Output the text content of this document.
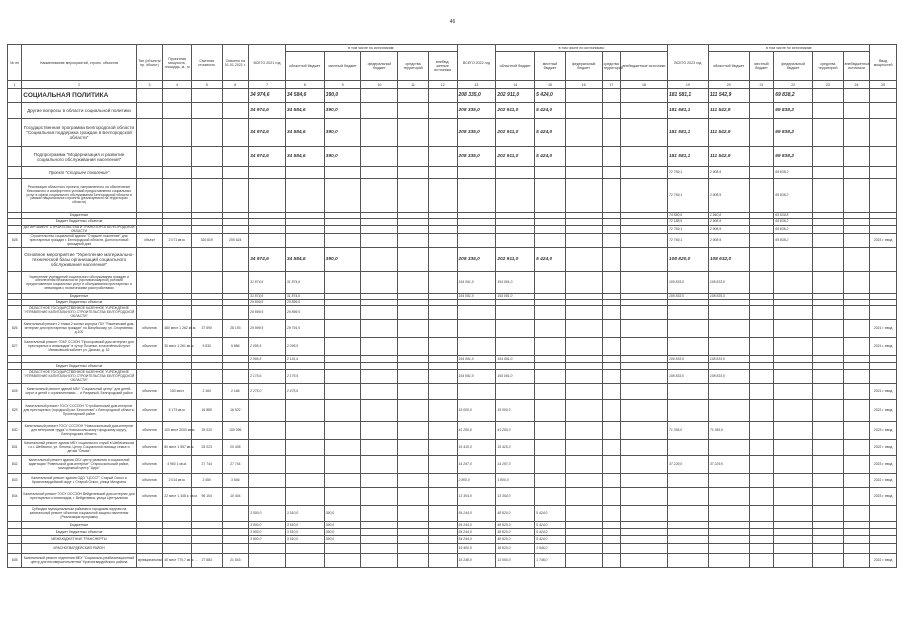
46
№ пп	Наименование мероприятий, строек, объектов	Тип (объекта/пр. объект)	Проектная мощность, площадь, м., м	Сметная стоимость	Освоено на 01.01.2021 г.	ВСЕГО 2021 год	в том числе по источникам:					ВСЕГО 2022 год	в том числе по источникам:					ВСЕГО 2023 год	в том числе по источникам:					Ввод мощностей
							областной бюджет	местный бюджет	федеральный бюджет	средства территорий	внебюд. жетные источники		областной бюджет	местный бюджет	федеральный бюджет	средства территорий	внебюджетные источники		областной бюджет	местный бюджет	федеральный бюджет	средства территорий	внебюджетные источники	
1	2	3	4	5	6	7	8	9	10	11	12	13	14	15	16	17	18	19	20	21	22	23	24	25
	СОЦИАЛЬНАЯ ПОЛИТИКА					34 974,6	34 584,6	390,0				208 335,0	202 911,0	5 424,0				181 581,1	111 542,9		69 838,2			
	Другие вопросы в области социальной политики					34 974,6	34 584,6	390,0				208 335,0	202 911,0	5 424,0				181 581,1	111 542,9		69 838,2			
	Государственная программа Белгородской области "Социальная поддержка граждан в Белгородской области"					34 974,6	34 584,6	390,0				208 335,0	202 911,0	5 424,0				181 581,1	111 542,9		69 838,2			
	Подпрограмма "Модернизация и развитие социального обслуживания населения"					34 974,6	34 584,6	390,0				208 335,0	202 911,0	5 424,0				181 581,1	111 542,9		69 838,2			
	Проект "Старшее поколение"																	72 769,1	2 908,9		69 838,2			
	Реализация областного проекта, направленного на обеспечение безопасного и комфортного условий предоставления социальных услуг в сфере социального обслуживания Белгородской области в рамках национального проекта (реализуемого на территории области)																	72 769,1	2 908,9		69 838,2			
	Бюджетные																	74 580,6	1 940,8		63 639,8			
	Бюджет бюджетных объектов																	72 188,5	2 908,9		69 838,2			
	ДЕПАРТАМЕНТ СТРОИТЕЛЬСТВА И ТРАНСПОРТА БЕЛГОРОДСКОЙ ОБЛАСТИ																	72 769,1	2 908,9		69 838,2			
828	Строительство социальной здания "Старшее поколение" для престарелых граждан г. Белгородской области, Долгогостовый фасадный дом	объект	2 071 кв.м.	320 819	205 624													72 769,1	2 908,9		69 838,2			2023 г. ввод
	Основное мероприятие "Укрепление материально-технической базы организаций социального обслуживания населения"					34 974,6	34 584,6	390,0				208 335,0	202 911,0	5 424,0				108 820,0	108 632,0					
	Укрепление учреждений социального обслуживания граждан и обеспечения безопасности (противопожарной) условий предоставления социальных услуг и обслуживания престарелых и инвалидов с психическими расстройствами					31 874,6	31 874,6					154 091,0	154 091,0					109 833,0	108 833,0					
	Бюджетные					31 874,6	31 874,6					154 091,0	154 091,0					109 833,0	108 835,0					
	Бюджет бюджетных объектов					29 899,5	29 899,5																	
	ОБЛАСТНОЕ ГОСУДАРСТВЕННОЕ КАЗЕННОЕ УЧРЕЖДЕНИЕ "УПРАВЛЕНИЕ КАПИТАЛЬНОГО СТРОИТЕЛЬСТВА БЕЛГОРОДСКОЙ ОБЛАСТИ"					29 899,5	29 899,5																	
826	Капитальный ремонт 2 этажа 2 жилых корпуса ГБУ "Ракитянский дом-интернат для престарелых граждан" по Валуйскому, ул. Спортивная, д.100	объектов	480 мест 1 262 кв.м.	37 590	28 193	29 999,5	29 791,5																	2021 г. ввод
827	Капитальный ремонт ГОКУ ССЗОН "Прохоровский дом-интернат для престарелых и инвалидов" в хутор Почепки, в населённый пункт Ивняковский кабинет ул. Дачная, д. 52	объектов	30 мест 1 261 кв.м.	9 530	5 886	2 095,5	2 095,5																	2021 г. ввод
						2 095,5	2 115,4					154 091,0	154 091,0					109 833,0	108 833,0					
	Бюджет бюджетных объектов																							
	ОБЛАСТНОЕ ГОСУДАРСТВЕННОЕ КАЗЕННОЕ УЧРЕЖДЕНИЕ "УПРАВЛЕНИЕ КАПИТАЛЬНОГО СТРОИТЕЛЬСТВА БЕЛГОРОДСКОЙ ОБЛАСТИ"					2 175,6	2 175,5					154 091,0	154 091,0					108 833,0	108 833,0					
828	Капитальный ремонт зданий МБУ "Социальный центр" для детей-сирот и детей с ограниченными ... и Разумный, Белгородский район	объектов	150 мест	2 160	2 166	2 275,0	2 475,6																	2021 г. ввод
829	Капитальный ремонт ГОСУ СССЗОН "Стройсельский дом-интернат для престарелых (городской) им. Бессонова" с Белгородской области, Пролетарский район	объектов	5 173 кв.м.	16 889	16 922							15 000,0	15 000,0											2022 г. ввод
830	Капитальный ремонт ГОСУ СССЗОН "Новооскольский дом-интернат для ветеранов труда" к Новооскольскому городскому округу, Белгородская область	объектов	100 мест 2000 кв.м.	25 020	100 096							41 250,0	41 250,0					71 356,0	71 356,0					2023 г. ввод
831	Капитальный ремонт здания МБУ социального служб в Шебекинском г.о.г. Шебекино, ул. Ленина, Центр Социальной помощи семье и детям "Семья"	объектов	80 мест 1 557 кв.м.	25 023	20 405							15 415,0	15 415,0											2022 г. ввод
832	Капитальный ремонт здания ОБУ центр развития и социальной адаптации "Ровеньской дом-интернат" Старооскольский район, молодёжный центр "Цирк"	объектов	4 960 1 кв.м.	27 744	27 744							14 297,0	14 297,0					37 229,0	37 229,0					2023 г. ввод
833	Капитальный ремонт здания ОДО "ЦСССТ" Старый Оскол и Красногвардейский округ г. Старый Оскол, улица Мичурина	объектов	2 014 кв.м.	2 450	3 546							2 800,0	1 800,0											2022 г. ввод
834	Капитальный ремонт ГОСУ ОССЗОН Вейделевский дом-интернат для престарелых и инвалидов, г. Вейделевка, улица Центральная	объектов	22 мест 1 348 к. кв.м.	96 104	10 404							13 304,0	13 304,0											2023 г. ввод
	Субсидии муниципальным районам и городским округам на капитальный ремонт объектов социальной защиты населения (Реализация программ)					3 500,0	3 510,0	390,0				54 244,0	48 820,0	5 424,0										
	Бюджетные					3 500,0	3 510,0	390,0				54 244,0	48 820,0	5 424,0										
	Бюджет бюджетных объектов					3 900,0	3 510,0	390,0				54 244,0	48 820,0	5 424,0										
	МЕЖБЮДЖЕТНЫЕ ТРАНСФЕРТЫ					3 900,0	3 510,0	390,0				54 244,0	48 820,0	5 424,0										
	КРАСНОГВАРДЕЙСКИЙ РАЙОН											19 400,0	18 820,0	1 946,0										
835	Капитальный ремонт отделения МБУ "Социально-реабилитационный центр для несовершеннолетних" Красногвардейского района	муниципальных	40 мест 770,7 кв.м. ...	27 583	21 543							15 248,0	13 500,0	1 748,0										2022 г. ввод
